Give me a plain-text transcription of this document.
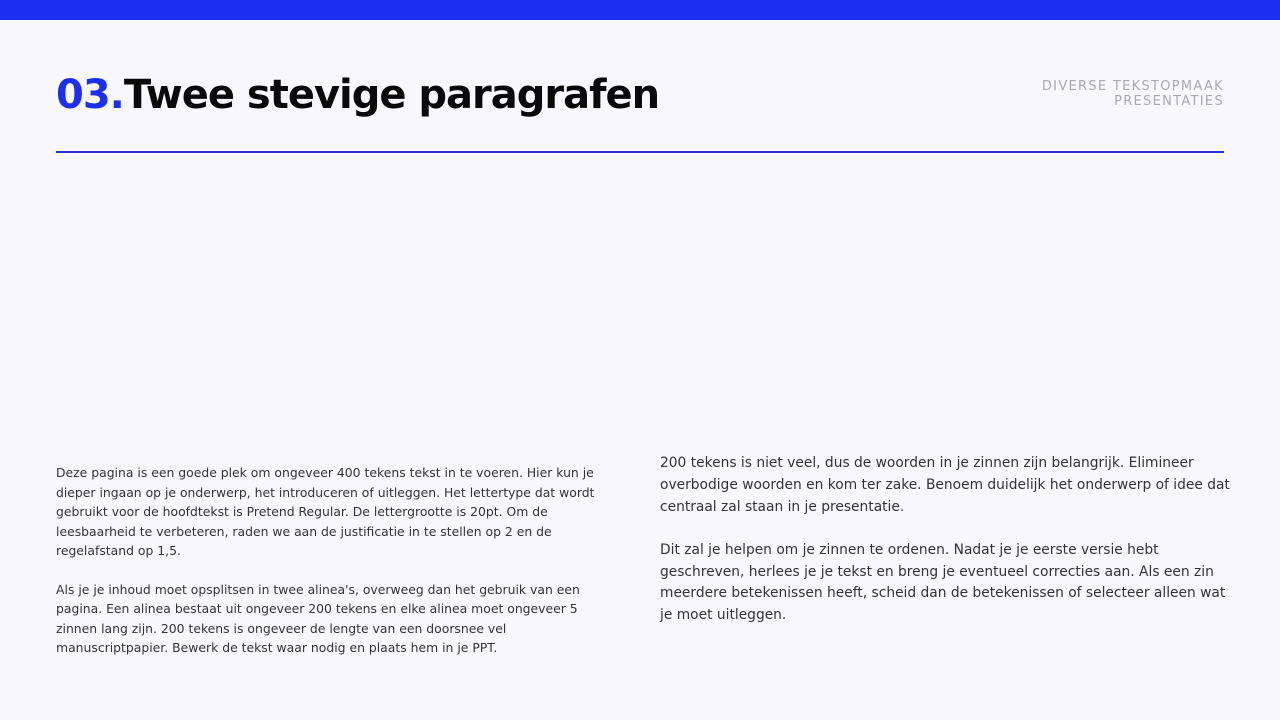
03.Twee stevige paragrafen	DIVERSE TEKSTOPMAAK
PRESENTATIES

Deze pagina is een goede plek om ongeveer 400 tekens tekst in te voeren. Hier kun je dieper ingaan op je onderwerp, het introduceren of uitleggen. Het lettertype dat wordt gebruikt voor de hoofdtekst is Pretend Regular. De lettergrootte is 20pt. Om de leesbaarheid te verbeteren, raden we aan de justificatie in te stellen op 2 en de regelafstand op 1,5.

Als je je inhoud moet opsplitsen in twee alinea's, overweeg dan het gebruik van een pagina. Een alinea bestaat uit ongeveer 200 tekens en elke alinea moet ongeveer 5 zinnen lang zijn. 200 tekens is ongeveer de lengte van een doorsnee vel manuscriptpapier. Bewerk de tekst waar nodig en plaats hem in je PPT.

200 tekens is niet veel, dus de woorden in je zinnen zijn belangrijk. Elimineer overbodige woorden en kom ter zake. Benoem duidelijk het onderwerp of idee dat centraal zal staan in je presentatie.

Dit zal je helpen om je zinnen te ordenen. Nadat je je eerste versie hebt geschreven, herlees je je tekst en breng je eventueel correcties aan. Als een zin meerdere betekenissen heeft, scheid dan de betekenissen of selecteer alleen wat je moet uitleggen.
